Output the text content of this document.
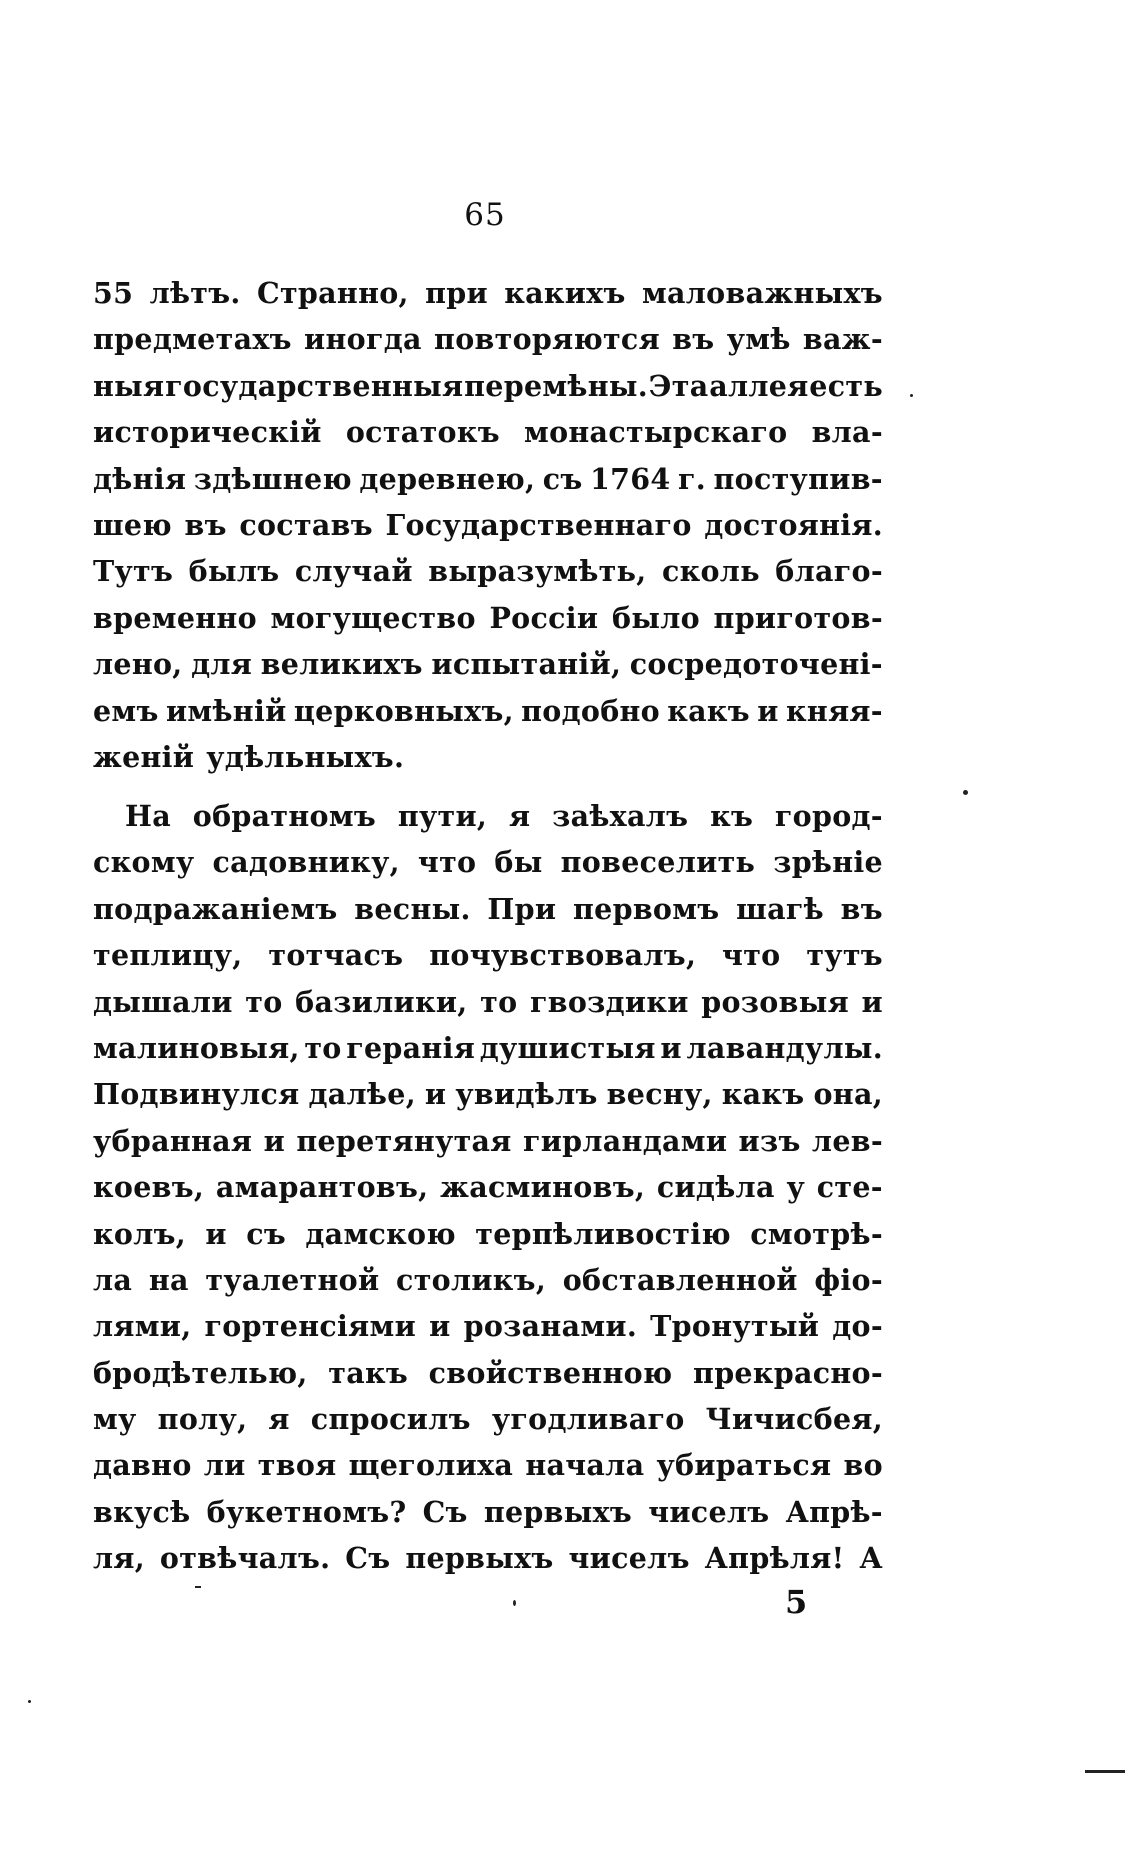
65
55 лѣтъ. Странно, при какихъ маловажныхъ
предметахъ иногда повторяются въ умѣ важ-
ныя государственныя перемѣны. Эта аллея есть
историческій остатокъ монастырскаго вла-
дѣнія здѣшнею деревнею, съ 1764 г. поступив-
шею въ составъ Государственнаго достоянія.
Тутъ былъ случай выразумѣть, сколь благо-
временно могущество Россіи было приготов-
лено, для великихъ испытаній, сосредоточені-
емъ имѣній церковныхъ, подобно какъ и княя-
женій удѣльныхъ.
На обратномъ пути, я заѣхалъ къ город-
скому садовнику, что бы повеселить зрѣніе
подражаніемъ весны. При первомъ шагѣ въ
теплицу, тотчасъ почувствовалъ, что тутъ
дышали то базилики, то гвоздики розовыя и
малиновыя, то геранія душистыя и лавандулы.
Подвинулся далѣе, и увидѣлъ весну, какъ она,
убранная и перетянутая гирландами изъ лев-
коевъ, амарантовъ, жасминовъ, сидѣла у сте-
колъ, и съ дамскою терпѣливостію смотрѣ-
ла на туалетной столикъ, обставленной фіо-
лями, гортенсіями и розанами. Тронутый до-
бродѣтелью, такъ свойственною прекрасно-
му полу, я спросилъ угодливаго Чичисбея,
давно ли твоя щеголиха начала убираться во
вкусѣ букетномъ? Съ первыхъ чиселъ Апрѣ-
ля, отвѣчалъ. Съ первыхъ чиселъ Апрѣля! А
5
